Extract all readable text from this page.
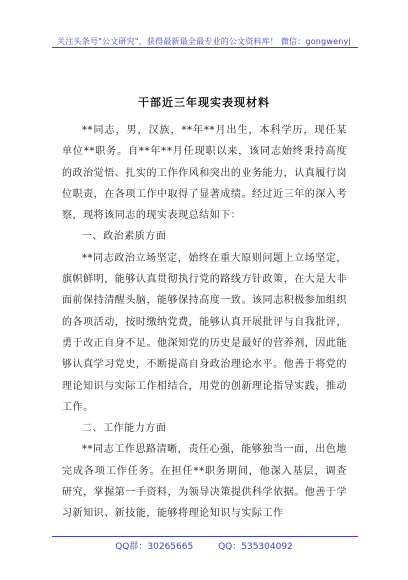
关注头条号"公文研究"，获得最新最全最专业的公文资料库！ 微信：gongwenyj
干部近三年现实表现材料

**同志，男，汉族，**年**月出生，本科学历，现任某单位**职务。自**年**月任现职以来，该同志始终秉持高度的政治觉悟、扎实的工作作风和突出的业务能力，认真履行岗位职责，在各项工作中取得了显著成绩。经过近三年的深入考察，现将该同志的现实表现总结如下：

一、政治素质方面

**同志政治立场坚定，始终在重大原则问题上立场坚定，旗帜鲜明，能够认真贯彻执行党的路线方针政策，在大是大非面前保持清醒头脑，能够保持高度一致。该同志积极参加组织的各项活动，按时缴纳党费，能够认真开展批评与自我批评，勇于改正自身不足。他深知党的历史是最好的营养剂，因此能够认真学习党史，不断提高自身政治理论水平。他善于将党的理论知识与实际工作相结合，用党的创新理论指导实践，推动工作。

二、工作能力方面

**同志工作思路清晰，责任心强，能够独当一面，出色地完成各项工作任务。在担任**职务期间，他深入基层，调查研究，掌握第一手资料，为领导决策提供科学依据。他善于学习新知识、新技能，能够将理论知识与实际工作

QQ群：30265665	QQ：535304092
